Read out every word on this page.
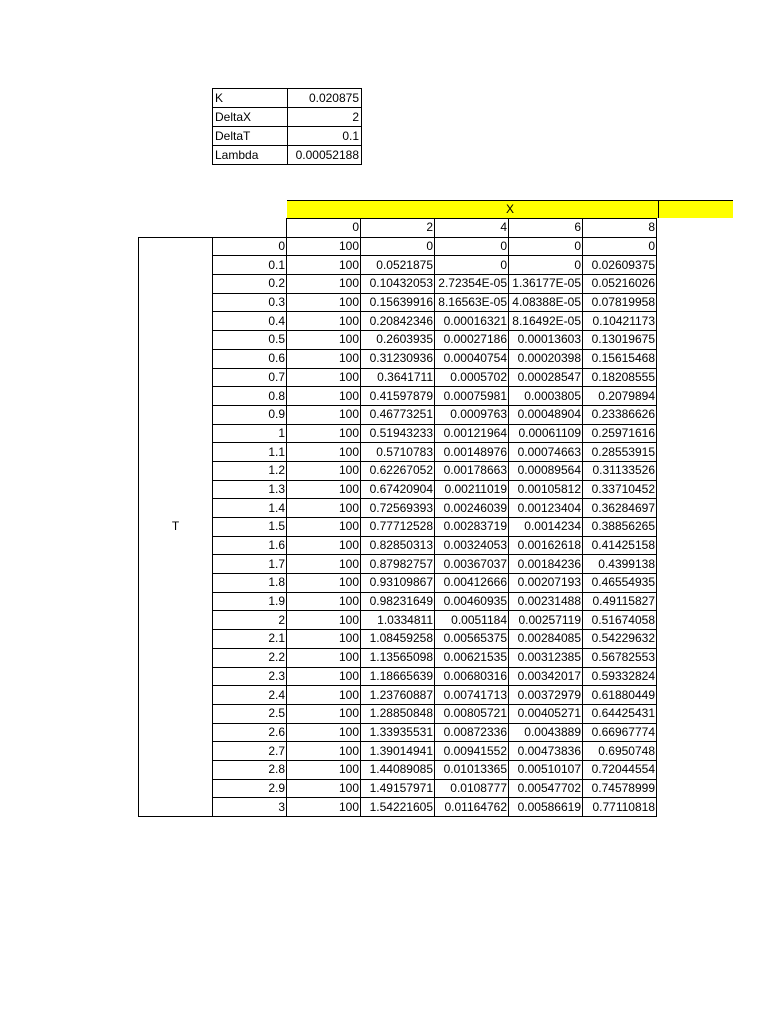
K	0.020875
DeltaX	2
DeltaT	0.1
Lambda	0.00052188
X
		0	2	4	6	8
T	0	100	0	0	0	0
	0.1	100	0.0521875	0	0	0.02609375
	0.2	100	0.10432053	2.72354E-05	1.36177E-05	0.05216026
	0.3	100	0.15639916	8.16563E-05	4.08388E-05	0.07819958
	0.4	100	0.20842346	0.00016321	8.16492E-05	0.10421173
	0.5	100	0.2603935	0.00027186	0.00013603	0.13019675
	0.6	100	0.31230936	0.00040754	0.00020398	0.15615468
	0.7	100	0.3641711	0.0005702	0.00028547	0.18208555
	0.8	100	0.41597879	0.00075981	0.0003805	0.2079894
	0.9	100	0.46773251	0.0009763	0.00048904	0.23386626
	1	100	0.51943233	0.00121964	0.00061109	0.25971616
	1.1	100	0.5710783	0.00148976	0.00074663	0.28553915
	1.2	100	0.62267052	0.00178663	0.00089564	0.31133526
	1.3	100	0.67420904	0.00211019	0.00105812	0.33710452
	1.4	100	0.72569393	0.00246039	0.00123404	0.36284697
	1.5	100	0.77712528	0.00283719	0.0014234	0.38856265
	1.6	100	0.82850313	0.00324053	0.00162618	0.41425158
	1.7	100	0.87982757	0.00367037	0.00184236	0.4399138
	1.8	100	0.93109867	0.00412666	0.00207193	0.46554935
	1.9	100	0.98231649	0.00460935	0.00231488	0.49115827
	2	100	1.0334811	0.0051184	0.00257119	0.51674058
	2.1	100	1.08459258	0.00565375	0.00284085	0.54229632
	2.2	100	1.13565098	0.00621535	0.00312385	0.56782553
	2.3	100	1.18665639	0.00680316	0.00342017	0.59332824
	2.4	100	1.23760887	0.00741713	0.00372979	0.61880449
	2.5	100	1.28850848	0.00805721	0.00405271	0.64425431
	2.6	100	1.33935531	0.00872336	0.0043889	0.66967774
	2.7	100	1.39014941	0.00941552	0.00473836	0.6950748
	2.8	100	1.44089085	0.01013365	0.00510107	0.72044554
	2.9	100	1.49157971	0.0108777	0.00547702	0.74578999
	3	100	1.54221605	0.01164762	0.00586619	0.77110818
